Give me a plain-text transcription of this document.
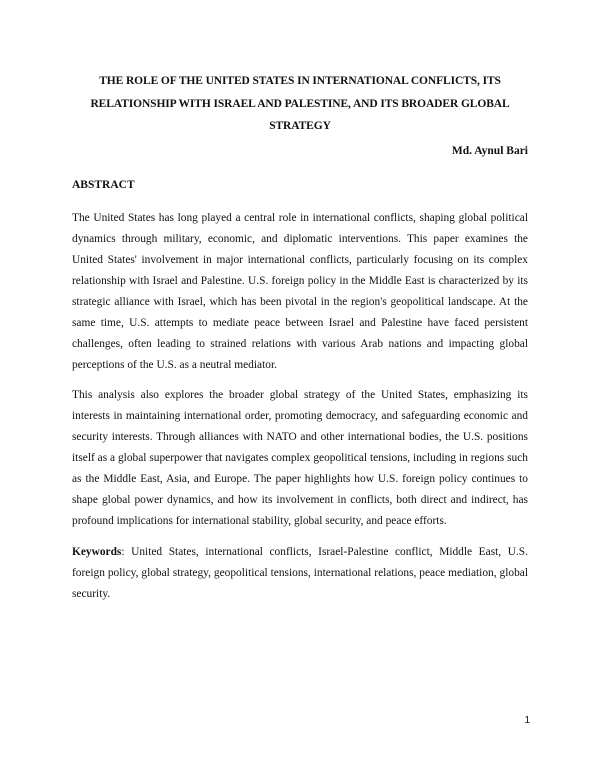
THE ROLE OF THE UNITED STATES IN INTERNATIONAL CONFLICTS, ITS RELATIONSHIP WITH ISRAEL AND PALESTINE, AND ITS BROADER GLOBAL STRATEGY
Md. Aynul Bari
ABSTRACT

The United States has long played a central role in international conflicts, shaping global political dynamics through military, economic, and diplomatic interventions. This paper examines the United States' involvement in major international conflicts, particularly focusing on its complex relationship with Israel and Palestine. U.S. foreign policy in the Middle East is characterized by its strategic alliance with Israel, which has been pivotal in the region's geopolitical landscape. At the same time, U.S. attempts to mediate peace between Israel and Palestine have faced persistent challenges, often leading to strained relations with various Arab nations and impacting global perceptions of the U.S. as a neutral mediator.

This analysis also explores the broader global strategy of the United States, emphasizing its interests in maintaining international order, promoting democracy, and safeguarding economic and security interests. Through alliances with NATO and other international bodies, the U.S. positions itself as a global superpower that navigates complex geopolitical tensions, including in regions such as the Middle East, Asia, and Europe. The paper highlights how U.S. foreign policy continues to shape global power dynamics, and how its involvement in conflicts, both direct and indirect, has profound implications for international stability, global security, and peace efforts.

Keywords: United States, international conflicts, Israel-Palestine conflict, Middle East, U.S. foreign policy, global strategy, geopolitical tensions, international relations, peace mediation, global security.

1
